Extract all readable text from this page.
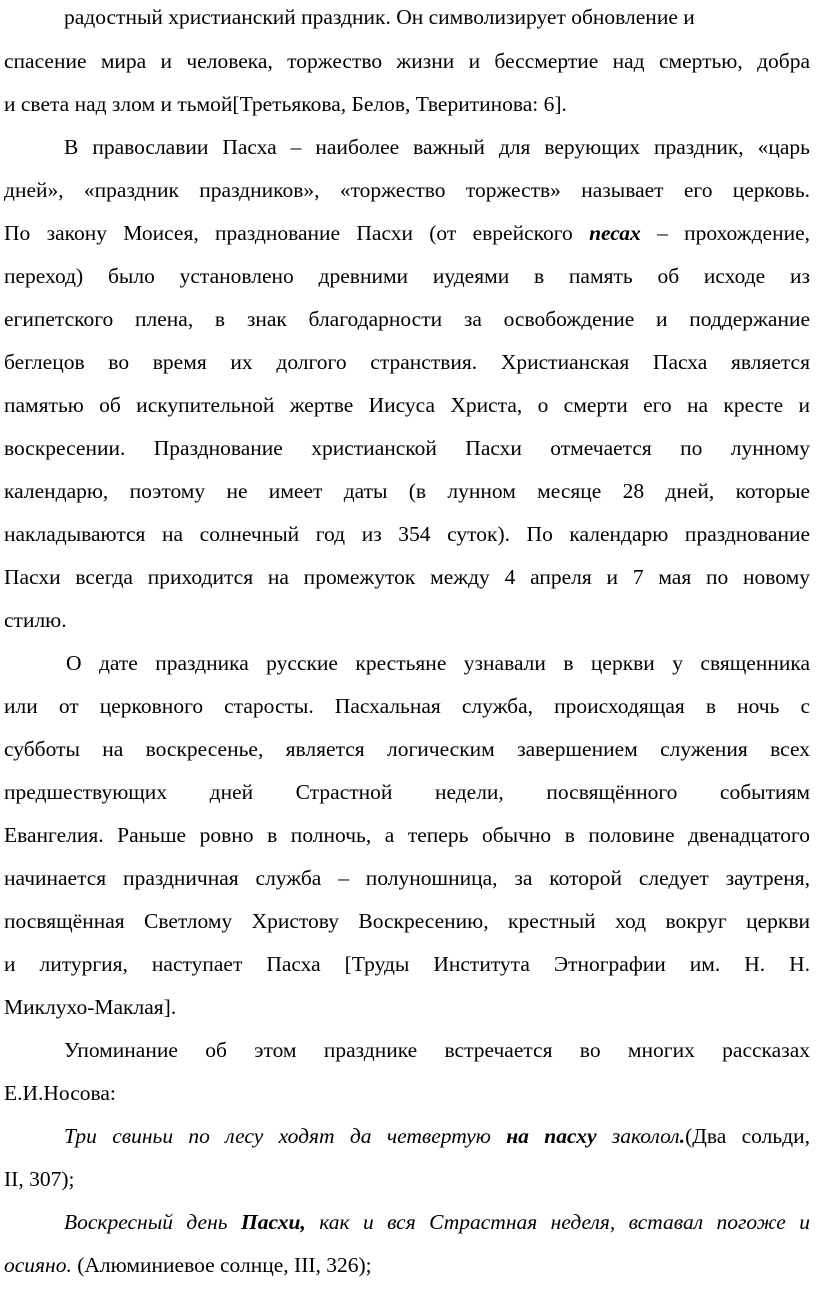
радостный христианский праздник. Он символизирует обновление и
спасение мира и человека, торжество жизни и бессмертие над смертью, добра
и света над злом и тьмой[Третьякова, Белов, Тверитинова: 6].
В православии Пасха – наиболее важный для верующих праздник, «царь
дней», «праздник праздников», «торжество торжеств» называет его церковь.
По закону Моисея, празднование Пасхи (от еврейского песах – прохождение,
переход) было установлено древними иудеями в память об исходе из
египетского плена, в знак благодарности за освобождение и поддержание
беглецов во время их долгого странствия. Христианская Пасха является
памятью об искупительной жертве Иисуса Христа, о смерти его на кресте и
воскресении. Празднование христианской Пасхи отмечается по лунному
календарю, поэтому не имеет даты (в лунном месяце 28 дней, которые
накладываются на солнечный год из 354 суток). По календарю празднование
Пасхи всегда приходится на промежуток между 4 апреля и 7 мая по новому
стилю.
О дате праздника русские крестьяне узнавали в церкви у священника
или от церковного старосты. Пасхальная служба, происходящая в ночь с
субботы на воскресенье, является логическим завершением служения всех
предшествующих дней Страстной недели, посвящённого событиям
Евангелия. Раньше ровно в полночь, а теперь обычно в половине двенадцатого
начинается праздничная служба – полуношница, за которой следует заутреня,
посвящённая Светлому Христову Воскресению, крестный ход вокруг церкви
и литургия, наступает Пасха [Труды Института Этнографии им. Н. Н.
Миклухо-Маклая].
Упоминание об этом празднике встречается во многих рассказах
Е.И.Носова:
Три свиньи по лесу ходят да четвертую на пасху заколол.(Два сольди,
II, 307);
Воскресный день Пасхи, как и вся Страстная неделя, вставал погоже и
осияно. (Алюминиевое солнце, III, 326);
